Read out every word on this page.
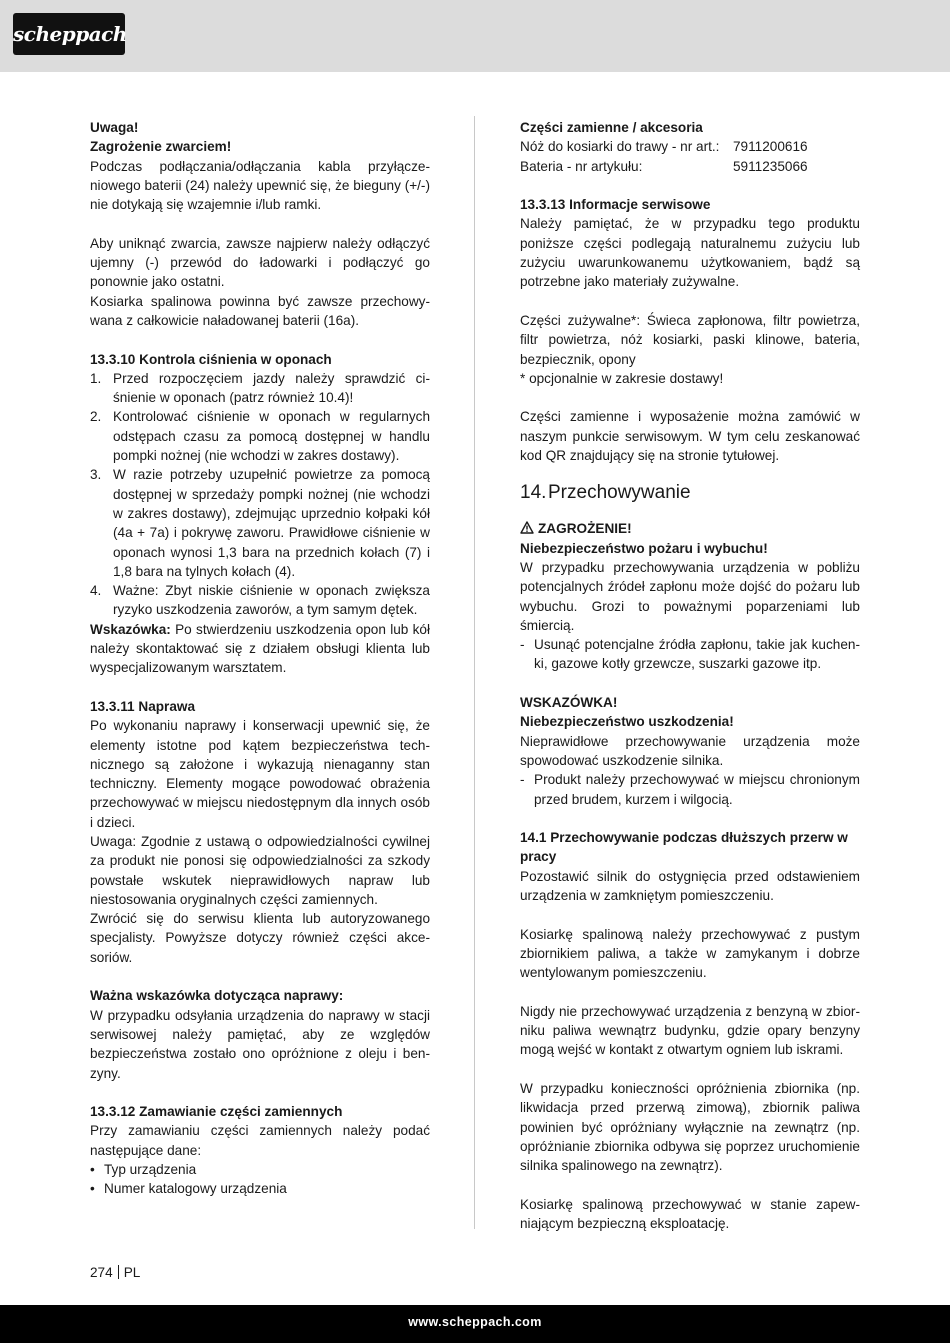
scheppach

Uwaga!

Zagrożenie zwarciem!

Podczas podłączania/odłączania kabla przyłączeniowego baterii (24) należy upewnić się, że bieguny (+/-) nie dotykają się wzajemnie i/lub ramki.

Aby uniknąć zwarcia, zawsze najpierw należy odłączyć ujemny (-) przewód do ładowarki i podłączyć go ponownie jako ostatni.

Kosiarka spalinowa powinna być zawsze przechowywana z całkowicie naładowanej baterii (16a).

13.3.10 Kontrola ciśnienia w oponach

1. Przed rozpoczęciem jazdy należy sprawdzić ciśnienie w oponach (patrz również 10.4)!
2. Kontrolować ciśnienie w oponach w regularnych odstępach czasu za pomocą dostępnej w handlu pompki nożnej (nie wchodzi w zakres dostawy).
3. W razie potrzeby uzupełnić powietrze za pomocą dostępnej w sprzedaży pompki nożnej (nie wchodzi w zakres dostawy), zdejmując uprzednio kołpaki kół (4a + 7a) i pokrywę zaworu. Prawidłowe ciśnienie w oponach wynosi 1,3 bara na przednich kołach (7) i 1,8 bara na tylnych kołach (4).
4. Ważne: Zbyt niskie ciśnienie w oponach zwiększa ryzyko uszkodzenia zaworów, a tym samym dętek.

Wskazówka: Po stwierdzeniu uszkodzenia opon lub kół należy skontaktować się z działem obsługi klienta lub wyspecjalizowanym warsztatem.

13.3.11 Naprawa

Po wykonaniu naprawy i konserwacji upewnić się, że elementy istotne pod kątem bezpieczeństwa technicznego są założone i wykazują nienaganny stan techniczny. Elementy mogące powodować obrażenia przechowywać w miejscu niedostępnym dla innych osób i dzieci.

Uwaga: Zgodnie z ustawą o odpowiedzialności cywilnej za produkt nie ponosi się odpowiedzialności za szkody powstałe wskutek nieprawidłowych napraw lub niestosowania oryginalnych części zamiennych.

Zwrócić się do serwisu klienta lub autoryzowanego specjalisty. Powyższe dotyczy również części akcesoriów.

Ważna wskazówka dotycząca naprawy:

W przypadku odsyłania urządzenia do naprawy w stacji serwisowej należy pamiętać, aby ze względów bezpieczeństwa zostało ono opróżnione z oleju i benzyny.

13.3.12 Zamawianie części zamiennych

Przy zamawianiu części zamiennych należy podać następujące dane:

• Typ urządzenia
• Numer katalogowy urządzenia

Części zamienne / akcesoria

Nóż do kosiarki do trawy - nr art.: 7911200616
Bateria - nr artykułu:	5911235066

13.3.13 Informacje serwisowe

Należy pamiętać, że w przypadku tego produktu poniższe części podlegają naturalnemu zużyciu lub zużyciu uwarunkowanemu użytkowaniem, bądź są potrzebne jako materiały zużywalne.

Części zużywalne*: Świeca zapłonowa, filtr powietrza, filtr powietrza, nóż kosiarki, paski klinowe, bateria, bezpiecznik, opony

* opcjonalnie w zakresie dostawy!

Części zamienne i wyposażenie można zamówić w naszym punkcie serwisowym. W tym celu zeskanować kod QR znajdujący się na stronie tytułowej.

14.Przechowywanie

ZAGROŻENIE!

Niebezpieczeństwo pożaru i wybuchu!

W przypadku przechowywania urządzenia w pobliżu potencjalnych źródeł zapłonu może dojść do pożaru lub wybuchu. Grozi to poważnymi poparzeniami lub śmiercią.

- Usunąć potencjalne źródła zapłonu, takie jak kuchenki, gazowe kotły grzewcze, suszarki gazowe itp.

WSKAZÓWKA!

Niebezpieczeństwo uszkodzenia!

Nieprawidłowe przechowywanie urządzenia może spowodować uszkodzenie silnika.

- Produkt należy przechowywać w miejscu chronionym przed brudem, kurzem i wilgocią.

14.1 Przechowywanie podczas dłuższych przerw w pracy

Pozostawić silnik do ostygnięcia przed odstawieniem urządzenia w zamkniętym pomieszczeniu.

Kosiarkę spalinową należy przechowywać z pustym zbiornikiem paliwa, a także w zamykanym i dobrze wentylowanym pomieszczeniu.

Nigdy nie przechowywać urządzenia z benzyną w zbiorniku paliwa wewnątrz budynku, gdzie opary benzyny mogą wejść w kontakt z otwartym ogniem lub iskrami.

W przypadku konieczności opróżnienia zbiornika (np. likwidacja przed przerwą zimową), zbiornik paliwa powinien być opróżniany wyłącznie na zewnątrz (np. opróżnianie zbiornika odbywa się poprzez uruchomienie silnika spalinowego na zewnątrz).

Kosiarkę spalinową przechowywać w stanie zapewniającym bezpieczną eksploatację.

274 PL
www.scheppach.com
